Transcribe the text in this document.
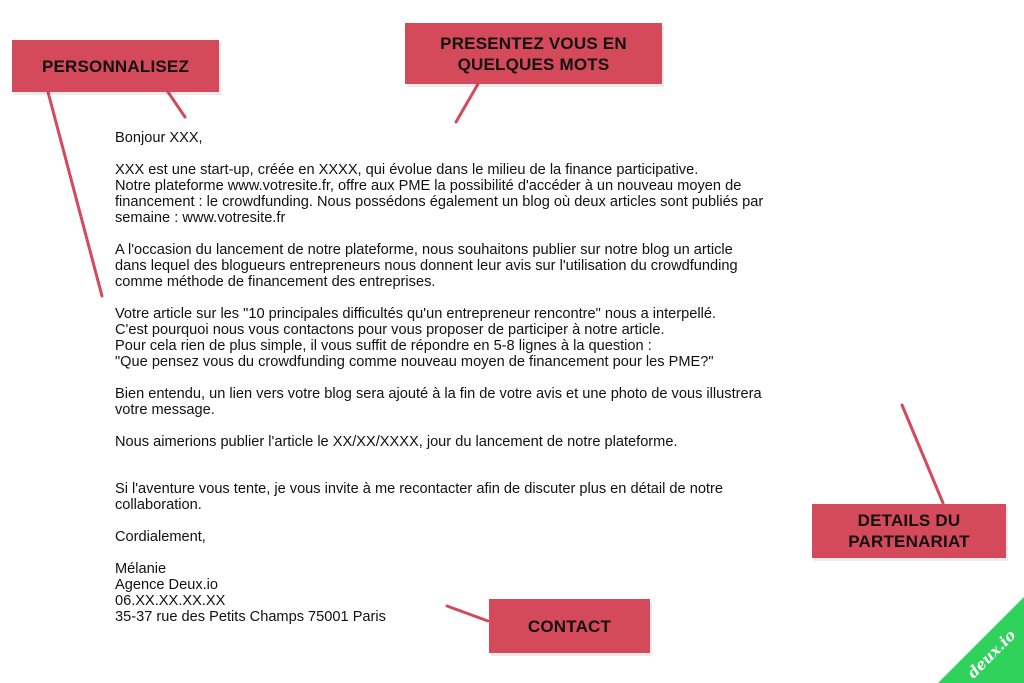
PERSONNALISEZ
PRESENTEZ VOUS EN
QUELQUES MOTS
DETAILS DU
PARTENARIAT
CONTACT

Bonjour XXX,

XXX est une start-up, créée en XXXX, qui évolue dans le milieu de la finance participative.

Notre plateforme www.votresite.fr, offre aux PME la possibilité d'accéder à un nouveau moyen de

financement : le crowdfunding. Nous possédons également un blog où deux articles sont publiés par

semaine : www.votresite.fr

A l'occasion du lancement de notre plateforme, nous souhaitons publier sur notre blog un article

dans lequel des blogueurs entrepreneurs nous donnent leur avis sur l'utilisation du crowdfunding

comme méthode de financement des entreprises.

Votre article sur les "10 principales difficultés qu'un entrepreneur rencontre" nous a interpellé.

C'est pourquoi nous vous contactons pour vous proposer de participer à notre article.

Pour cela rien de plus simple, il vous suffit de répondre en 5-8 lignes à la question :

"Que pensez vous du crowdfunding comme nouveau moyen de financement pour les PME?"

Bien entendu, un lien vers votre blog sera ajouté à la fin de votre avis et une photo de vous illustrera

votre message.

Nous aimerions publier l'article le XX/XX/XXXX, jour du lancement de notre plateforme.

Si l'aventure vous tente, je vous invite à me recontacter afin de discuter plus en détail de notre

collaboration.

Cordialement,

Mélanie

Agence Deux.io

06.XX.XX.XX.XX

35-37 rue des Petits Champs 75001 Paris

deux.io
